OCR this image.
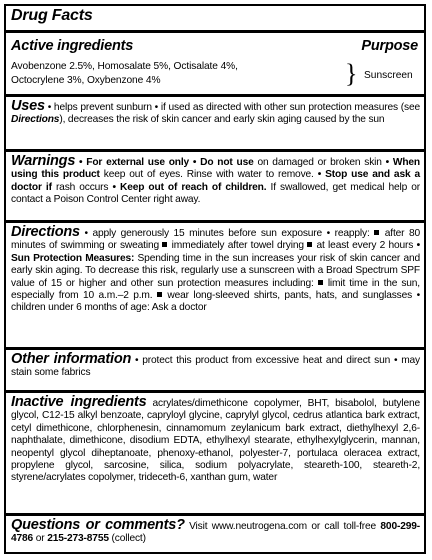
Drug Facts
Active ingredients	Purpose
Avobenzone 2.5%, Homosalate 5%, Octisalate 4%,
Octocrylene 3%, Oxybenzone 4%	} Sunscreen
Uses • helps prevent sunburn • if used as directed with other sun protection measures (see Directions), decreases the risk of skin cancer and early skin aging caused by the sun
Warnings • For external use only • Do not use on damaged or broken skin • When using this product keep out of eyes. Rinse with water to remove. • Stop use and ask a doctor if rash occurs • Keep out of reach of children. If swallowed, get medical help or contact a Poison Control Center right away.
Directions • apply generously 15 minutes before sun exposure • reapply:  after 80 minutes of swimming or sweating  immediately after towel drying  at least every 2 hours • Sun Protection Measures: Spending time in the sun increases your risk of skin cancer and early skin aging. To decrease this risk, regularly use a sunscreen with a Broad Spectrum SPF value of 15 or higher and other sun protection measures including:  limit time in the sun, especially from 10 a.m.–2 p.m.  wear long-sleeved shirts, pants, hats, and sunglasses • children under 6 months of age: Ask a doctor
Other information • protect this product from excessive heat and direct sun • may stain some fabrics
Inactive ingredients acrylates/dimethicone copolymer, BHT, bisabolol, butylene glycol, C12-15 alkyl benzoate, capryloyl glycine, caprylyl glycol, cedrus atlantica bark extract, cetyl dimethicone, chlorphenesin, cinnamomum zeylanicum bark extract, diethylhexyl 2,6-naphthalate, dimethicone, disodium EDTA, ethylhexyl stearate, ethylhexylglycerin, mannan, neopentyl glycol diheptanoate, phenoxy-ethanol, polyester-7, portulaca oleracea extract, propylene glycol, sarcosine, silica, sodium polyacrylate, steareth-100, steareth-2, styrene/acrylates copolymer, trideceth-6, xanthan gum, water
Questions or comments? Visit www.neutrogena.com or call toll-free 800-299-4786 or 215-273-8755 (collect)
